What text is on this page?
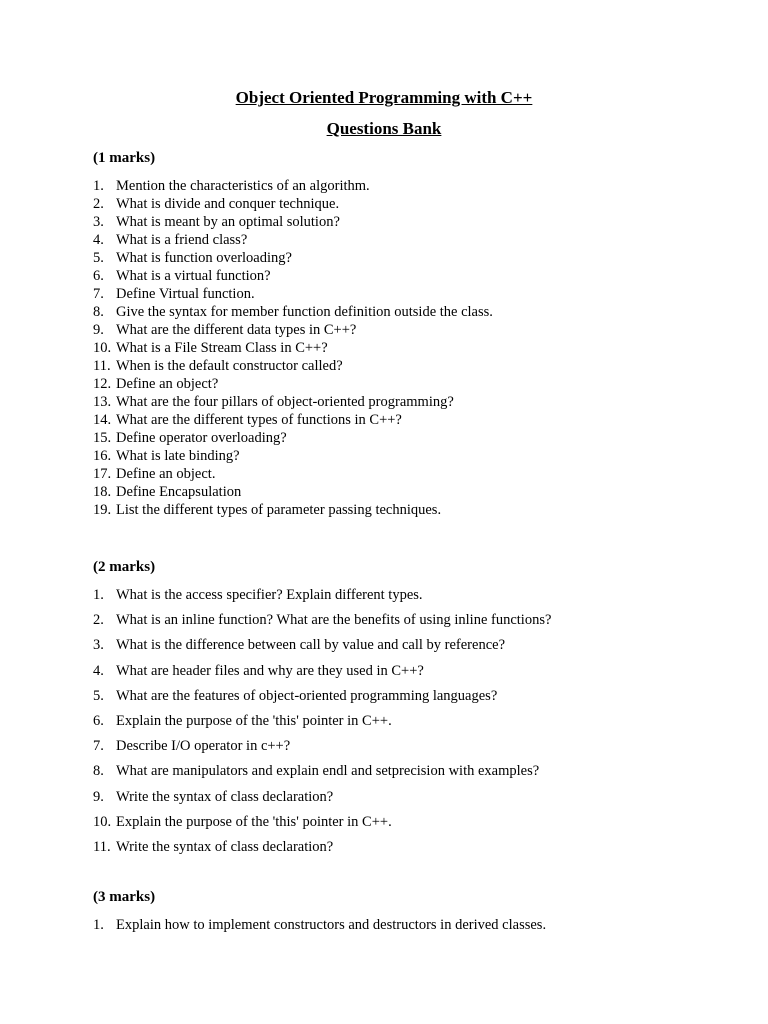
Object Oriented Programming with C++
Questions Bank
(1 marks)
1. Mention the characteristics of an algorithm.
2. What is divide and conquer technique.
3. What is meant by an optimal solution?
4. What is a friend class?
5. What is function overloading?
6. What is a virtual function?
7. Define Virtual function.
8. Give the syntax for member function definition outside the class.
9. What are the different data types in C++?
10. What is a File Stream Class in C++?
11. When is the default constructor called?
12. Define an object?
13. What are the four pillars of object-oriented programming?
14. What are the different types of functions in C++?
15. Define operator overloading?
16. What is late binding?
17. Define an object.
18. Define Encapsulation
19. List the different types of parameter passing techniques.
(2 marks)
1. What is the access specifier? Explain different types.
2. What is an inline function? What are the benefits of using inline functions?
3. What is the difference between call by value and call by reference?
4. What are header files and why are they used in C++?
5. What are the features of object-oriented programming languages?
6. Explain the purpose of the 'this' pointer in C++.
7. Describe I/O operator in c++?
8. What are manipulators and explain endl and setprecision with examples?
9. Write the syntax of class declaration?
10. Explain the purpose of the 'this' pointer in C++.
11. Write the syntax of class declaration?
(3 marks)
1. Explain how to implement constructors and destructors in derived classes.
